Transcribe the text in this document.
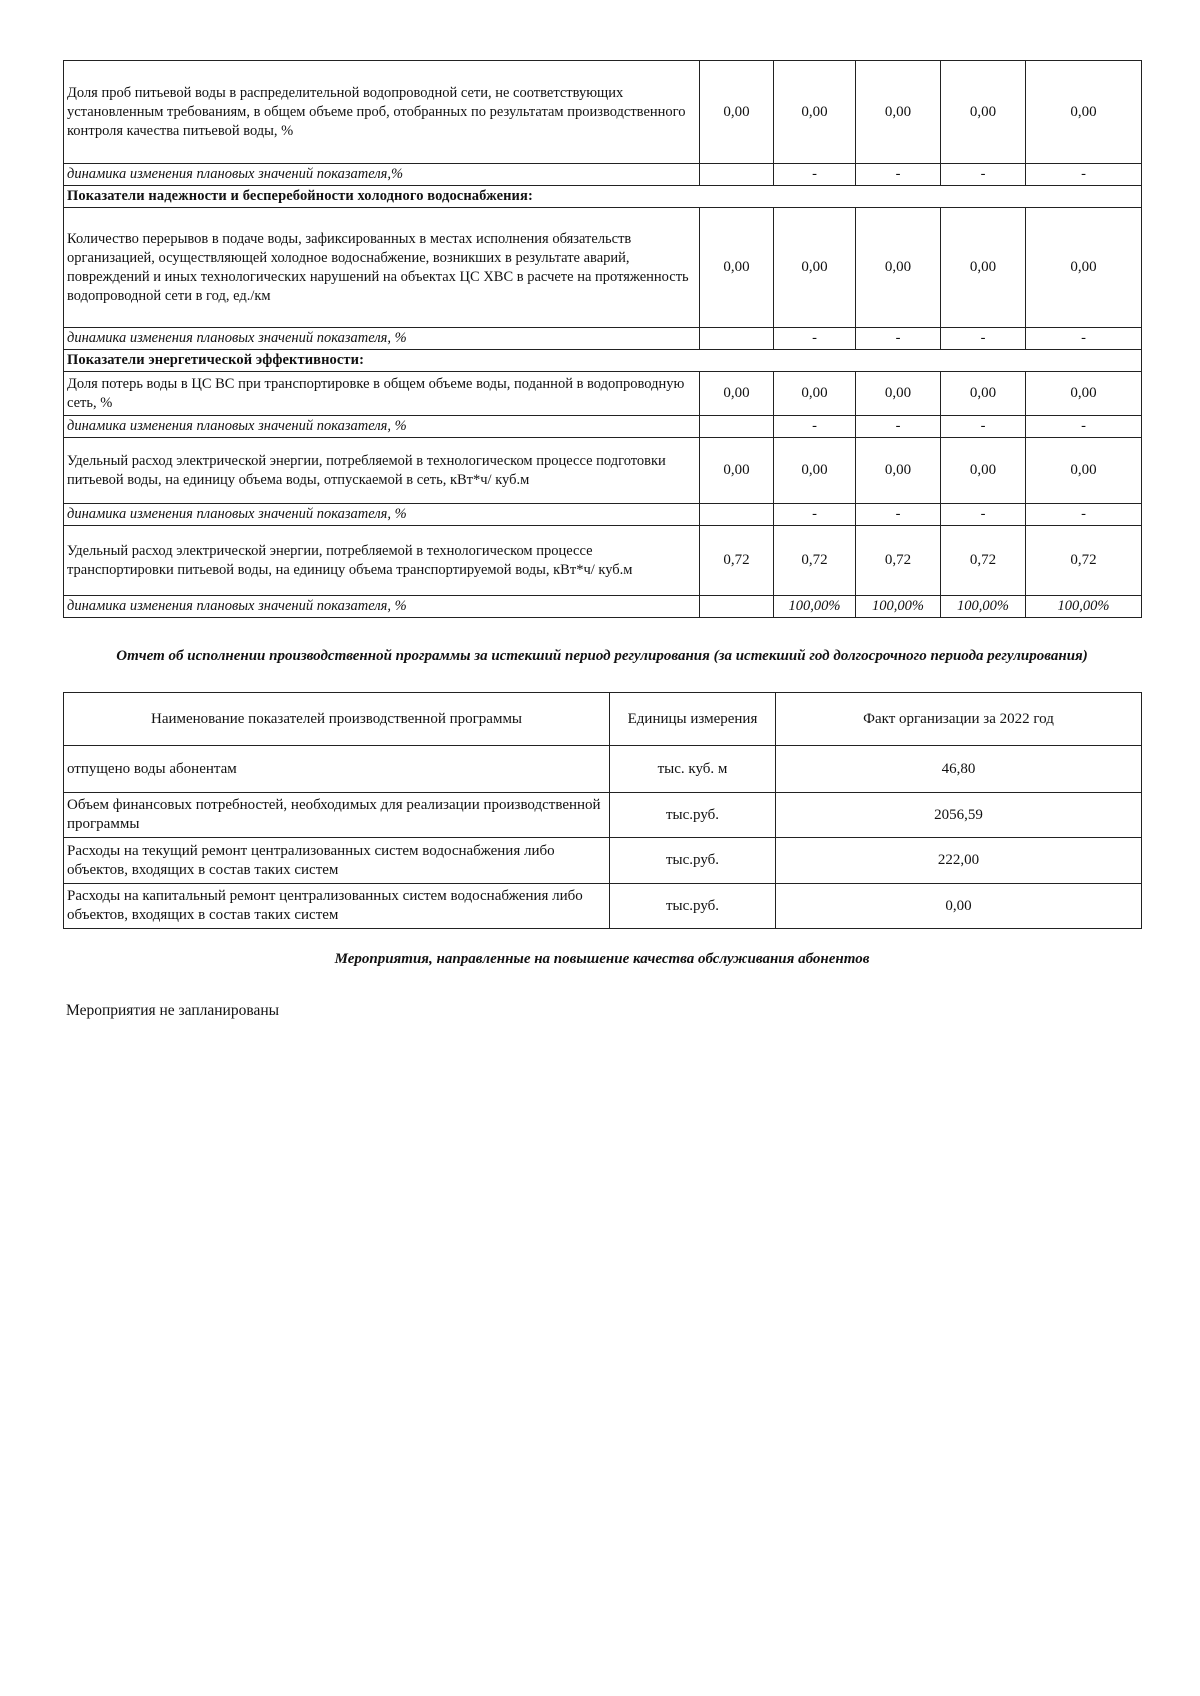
Доля проб питьевой воды в распределительной водопроводной сети, не соответствующих установленным требованиям, в общем объеме проб, отобранных по результатам производственного контроля качества питьевой воды, %	0,00	0,00	0,00	0,00	0,00
динамика изменения плановых значений показателя,%		-	-	-	-
Показатели надежности и бесперебойности холодного водоснабжения:					
Количество перерывов в подаче воды, зафиксированных в местах исполнения обязательств организацией, осуществляющей холодное водоснабжение, возникших в результате аварий, повреждений и иных технологических нарушений на объектах ЦС ХВС в расчете на протяженность водопроводной сети в год, ед./км	0,00	0,00	0,00	0,00	0,00
динамика изменения плановых значений показателя, %		-	-	-	-
Показатели энергетической эффективности:					
Доля потерь воды в ЦС ВС при транспортировке в общем объеме воды, поданной в водопроводную сеть, %	0,00	0,00	0,00	0,00	0,00
динамика изменения плановых значений показателя, %		-	-	-	-
Удельный расход электрической энергии, потребляемой в технологическом процессе подготовки питьевой воды, на единицу объема воды, отпускаемой в сеть, кВт*ч/ куб.м	0,00	0,00	0,00	0,00	0,00
динамика изменения плановых значений показателя, %		-	-	-	-
Удельный расход электрической энергии, потребляемой в технологическом процессе транспортировки питьевой воды, на единицу объема транспортируемой воды, кВт*ч/ куб.м	0,72	0,72	0,72	0,72	0,72
динамика изменения плановых значений показателя, %		100,00%	100,00%	100,00%	100,00%
Отчет об исполнении производственной программы за истекший период регулирования (за истекший год долгосрочного периода регулирования)
Наименование показателей производственной программы	Единицы измерения	Факт организации за 2022 год
отпущено воды абонентам	тыс. куб. м	46,80
Объем финансовых потребностей, необходимых для реализации производственной программы	тыс.руб.	2056,59
Расходы на текущий ремонт централизованных систем водоснабжения либо объектов, входящих в состав таких систем	тыс.руб.	222,00
Расходы на капитальный ремонт централизованных систем водоснабжения либо объектов, входящих в состав таких систем	тыс.руб.	0,00
Мероприятия, направленные на повышение качества обслуживания абонентов
Мероприятия не запланированы
